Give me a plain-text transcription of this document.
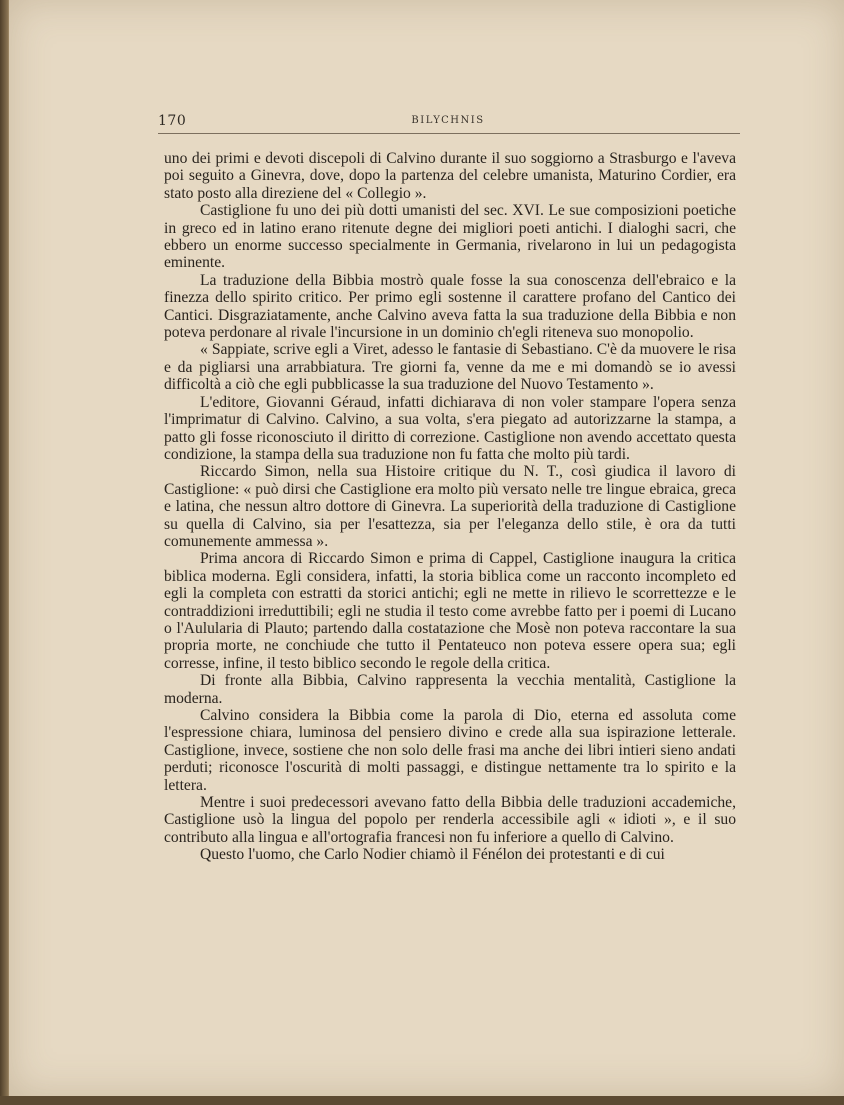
170	BILYCHNIS

uno dei primi e devoti discepoli di Calvino durante il suo soggiorno a Strasburgo e l'aveva poi seguito a Ginevra, dove, dopo la partenza del celebre umanista, Maturino Cordier, era stato posto alla direziene del « Collegio ».

Castiglione fu uno dei più dotti umanisti del sec. XVI. Le sue composizioni poetiche in greco ed in latino erano ritenute degne dei migliori poeti antichi. I dialoghi sacri, che ebbero un enorme successo specialmente in Germania, rivelarono in lui un pedagogista eminente.

La traduzione della Bibbia mostrò quale fosse la sua conoscenza dell'ebraico e la finezza dello spirito critico. Per primo egli sostenne il carattere profano del Cantico dei Cantici. Disgraziatamente, anche Calvino aveva fatta la sua traduzione della Bibbia e non poteva perdonare al rivale l'incursione in un dominio ch'egli riteneva suo monopolio.

« Sappiate, scrive egli a Viret, adesso le fantasie di Sebastiano. C'è da muovere le risa e da pigliarsi una arrabbiatura. Tre giorni fa, venne da me e mi domandò se io avessi difficoltà a ciò che egli pubblicasse la sua traduzione del Nuovo Testamento ».

L'editore, Giovanni Géraud, infatti dichiarava di non voler stampare l'opera senza l'imprimatur di Calvino. Calvino, a sua volta, s'era piegato ad autorizzarne la stampa, a patto gli fosse riconosciuto il diritto di correzione. Castiglione non avendo accettato questa condizione, la stampa della sua traduzione non fu fatta che molto più tardi.

Riccardo Simon, nella sua Histoire critique du N. T., così giudica il lavoro di Castiglione: « può dirsi che Castiglione era molto più versato nelle tre lingue ebraica, greca e latina, che nessun altro dottore di Ginevra. La superiorità della traduzione di Castiglione su quella di Calvino, sia per l'esattezza, sia per l'eleganza dello stile, è ora da tutti comunemente ammessa ».

Prima ancora di Riccardo Simon e prima di Cappel, Castiglione inaugura la critica biblica moderna. Egli considera, infatti, la storia biblica come un racconto incompleto ed egli la completa con estratti da storici antichi; egli ne mette in rilievo le scorrettezze e le contraddizioni irreduttibili; egli ne studia il testo come avrebbe fatto per i poemi di Lucano o l'Aulularia di Plauto; partendo dalla costatazione che Mosè non poteva raccontare la sua propria morte, ne conchiude che tutto il Pentateuco non poteva essere opera sua; egli corresse, infine, il testo biblico secondo le regole della critica.

Di fronte alla Bibbia, Calvino rappresenta la vecchia mentalità, Castiglione la moderna.

Calvino considera la Bibbia come la parola di Dio, eterna ed assoluta come l'espressione chiara, luminosa del pensiero divino e crede alla sua ispirazione letterale. Castiglione, invece, sostiene che non solo delle frasi ma anche dei libri intieri sieno andati perduti; riconosce l'oscurità di molti passaggi, e distingue nettamente tra lo spirito e la lettera.

Mentre i suoi predecessori avevano fatto della Bibbia delle traduzioni accademiche, Castiglione usò la lingua del popolo per renderla accessibile agli « idioti », e il suo contributo alla lingua e all'ortografia francesi non fu inferiore a quello di Calvino.

Questo l'uomo, che Carlo Nodier chiamò il Fénélon dei protestanti e di cui
